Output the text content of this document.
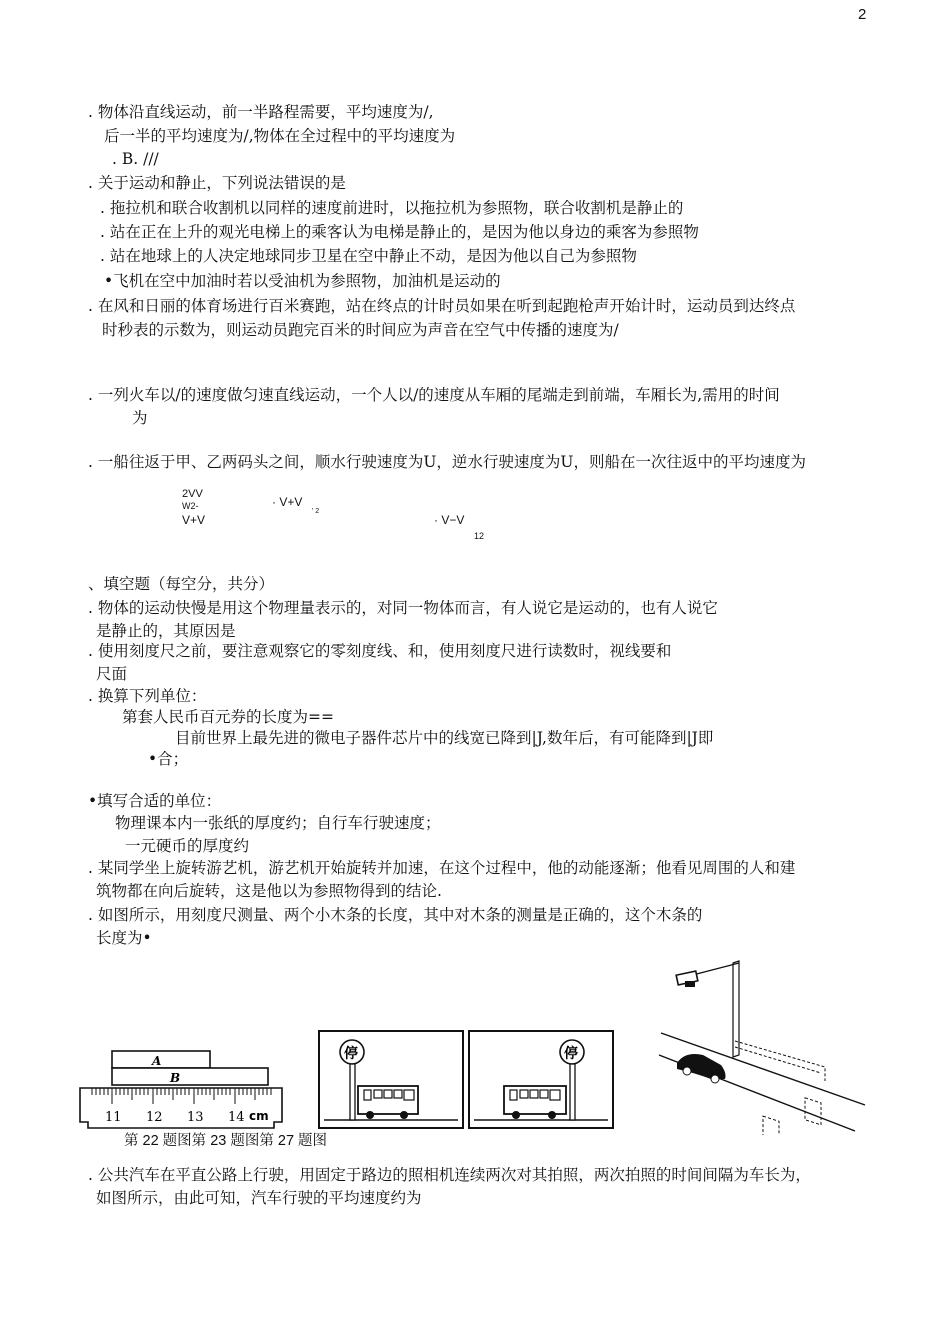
2
. 物体沿直线运动，前一半路程需要，平均速度为/,
后一半的平均速度为/,物体在全过程中的平均速度为
. B. ///
. 关于运动和静止，下列说法错误的是
. 拖拉机和联合收割机以同样的速度前进时，以拖拉机为参照物，联合收割机是静止的
. 站在正在上升的观光电梯上的乘客认为电梯是静止的，是因为他以身边的乘客为参照物
. 站在地球上的人决定地球同步卫星在空中静止不动，是因为他以自己为参照物
•飞机在空中加油时若以受油机为参照物，加油机是运动的
. 在风和日丽的体育场进行百米赛跑，站在终点的计时员如果在听到起跑枪声开始计时，运动员到达终点
时秒表的示数为，则运动员跑完百米的时间应为声音在空气中传播的速度为/
. 一列火车以/的速度做匀速直线运动，一个人以/的速度从车厢的尾端走到前端，车厢长为,需用的时间
为
. 一船往返于甲、乙两码头之间，顺水行驶速度为U，逆水行驶速度为U，则船在一次往返中的平均速度为
2VV
W2-
V+V
· V+V
' 2
· V−V
12
、填空题（每空分，共分）
. 物体的运动快慢是用这个物理量表示的，对同一物体而言，有人说它是运动的，也有人说它
是静止的，其原因是
. 使用刻度尺之前，要注意观察它的零刻度线、和，使用刻度尺进行读数时，视线要和
尺面
. 换算下列单位：
第套人民币百元券的长度为==
目前世界上最先进的微电子器件芯片中的线宽已降到|J,数年后，有可能降到|J即
•合；
•填写合适的单位：
物理课本内一张纸的厚度约；自行车行驶速度；
一元硬币的厚度约
. 某同学坐上旋转游艺机，游艺机开始旋转并加速，在这个过程中，他的动能逐渐；他看见周围的人和建
筑物都在向后旋转，这是他以为参照物得到的结论.
. 如图所示，用刻度尺测量、两个小木条的长度，其中对木条的测量是正确的，这个木条的
长度为•
A
B
11 12 13 14 cm
停	停
第 22 题图第 23 题图第 27 题图
. 公共汽车在平直公路上行驶，用固定于路边的照相机连续两次对其拍照，两次拍照的时间间隔为车长为，
如图所示，由此可知，汽车行驶的平均速度约为
